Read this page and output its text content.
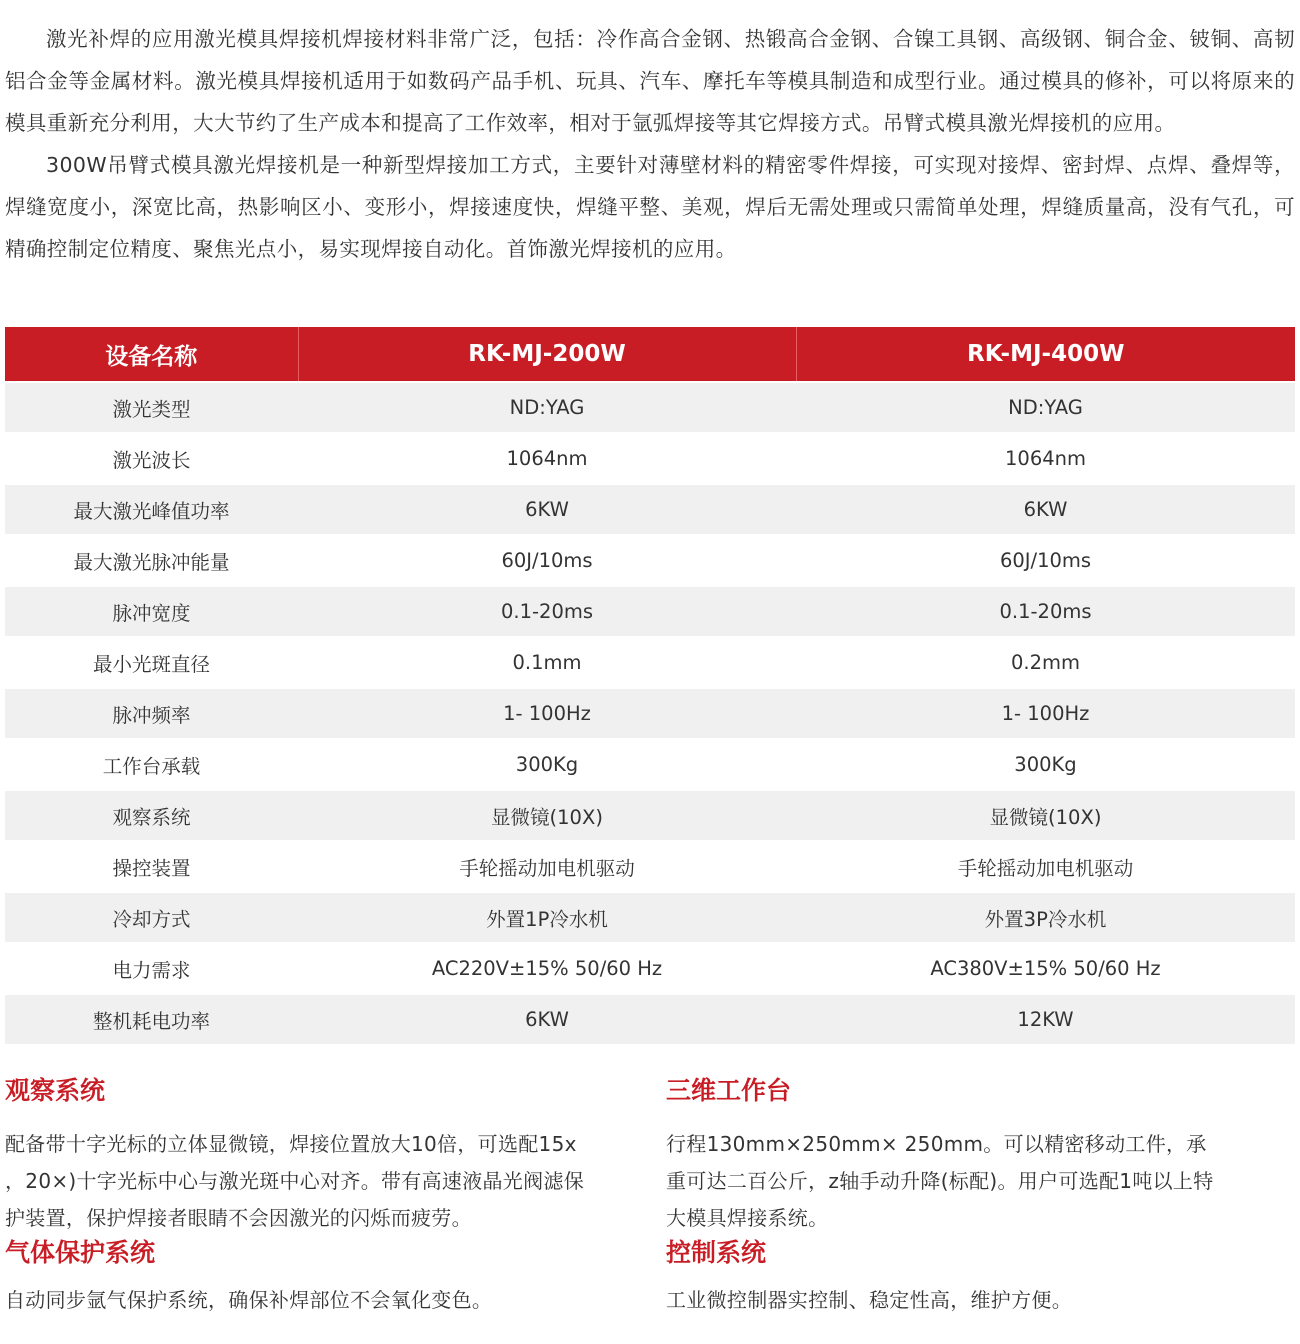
激光补焊的应用激光模具焊接机焊接材料非常广泛，包括：冷作高合金钢、热锻高合金钢、合镍工具钢、高级钢、铜合金、铍铜、高韧铝合金等金属材料。激光模具焊接机适用于如数码产品手机、玩具、汽车、摩托车等模具制造和成型行业。通过模具的修补，可以将原来的模具重新充分利用，大大节约了生产成本和提高了工作效率，相对于氩弧焊接等其它焊接方式。吊臂式模具激光焊接机的应用。

300W吊臂式模具激光焊接机是一种新型焊接加工方式，主要针对薄壁材料的精密零件焊接，可实现对接焊、密封焊、点焊、叠焊等，焊缝宽度小，深宽比高，热影响区小、变形小，焊接速度快，焊缝平整、美观，焊后无需处理或只需简单处理，焊缝质量高，没有气孔，可精确控制定位精度、聚焦光点小，易实现焊接自动化。首饰激光焊接机的应用。

设备名称	RK-MJ-200W	RK-MJ-400W
激光类型	ND:YAG	ND:YAG
激光波长	1064nm	1064nm
最大激光峰值功率	6KW	6KW
最大激光脉冲能量	60J/10ms	60J/10ms
脉冲宽度	0.1-20ms	0.1-20ms
最小光斑直径	0.1mm	0.2mm
脉冲频率	1- 100Hz	1- 100Hz
工作台承载	300Kg	300Kg
观察系统	显微镜(10X)	显微镜(10X)
操控装置	手轮摇动加电机驱动	手轮摇动加电机驱动
冷却方式	外置1P冷水机	外置3P冷水机
电力需求	AC220V±15% 50/60 Hz	AC380V±15% 50/60 Hz
整机耗电功率	6KW	12KW
观察系统

配备带十字光标的立体显微镜，焊接位置放大10倍，可选配15x ，20×)十字光标中心与激光斑中心对齐。带有高速液晶光阀滤保护装置，保护焊接者眼睛不会因激光的闪烁而疲劳。

三维工作台

行程130mm×250mm× 250mm。可以精密移动工件，承重可达二百公斤，z轴手动升降(标配)。用户可选配1吨以上特大模具焊接系统。

气体保护系统

自动同步氩气保护系统，确保补焊部位不会氧化变色。

控制系统

工业微控制器实控制、稳定性高，维护方便。
